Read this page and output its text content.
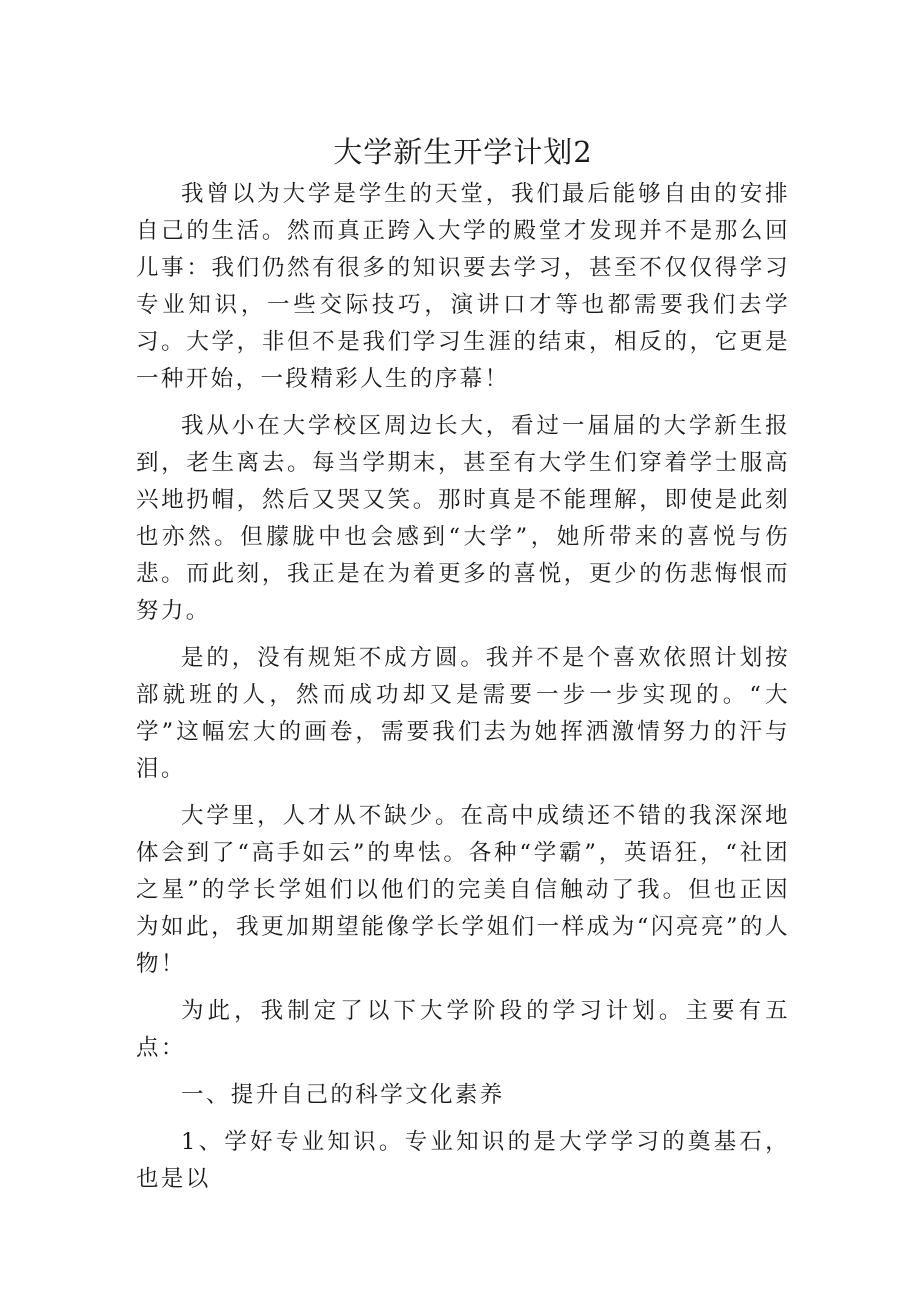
大学新生开学计划2

我曾以为大学是学生的天堂，我们最后能够自由的安排自己的生活。然而真正跨入大学的殿堂才发现并不是那么回儿事：我们仍然有很多的知识要去学习，甚至不仅仅得学习专业知识，一些交际技巧，演讲口才等也都需要我们去学习。大学，非但不是我们学习生涯的结束，相反的，它更是一种开始，一段精彩人生的序幕！

我从小在大学校区周边长大，看过一届届的大学新生报到，老生离去。每当学期末，甚至有大学生们穿着学士服高兴地扔帽，然后又哭又笑。那时真是不能理解，即使是此刻也亦然。但朦胧中也会感到“大学”，她所带来的喜悦与伤悲。而此刻，我正是在为着更多的喜悦，更少的伤悲悔恨而努力。

是的，没有规矩不成方圆。我并不是个喜欢依照计划按部就班的人，然而成功却又是需要一步一步实现的。“大学”这幅宏大的画卷，需要我们去为她挥洒激情努力的汗与泪。

大学里，人才从不缺少。在高中成绩还不错的我深深地体会到了“高手如云”的卑怯。各种“学霸”，英语狂，“社团之星”的学长学姐们以他们的完美自信触动了我。但也正因为如此，我更加期望能像学长学姐们一样成为“闪亮亮”的人物！

为此，我制定了以下大学阶段的学习计划。主要有五点：

一、提升自己的科学文化素养

1、学好专业知识。专业知识的是大学学习的奠基石，也是以
